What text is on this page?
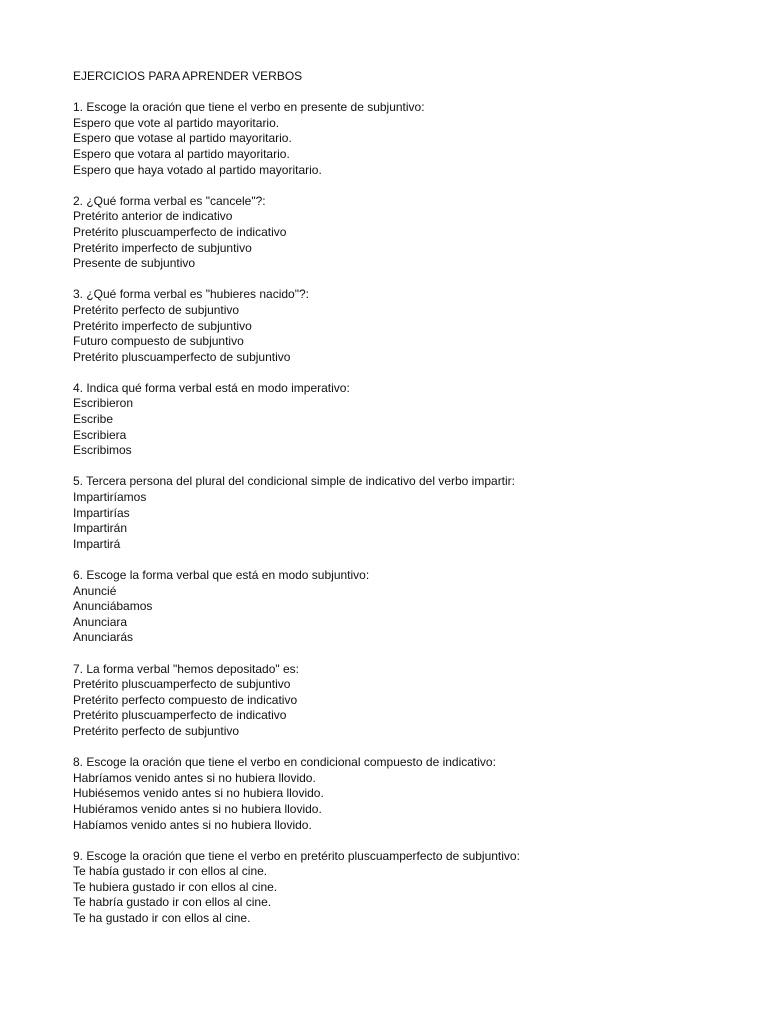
EJERCICIOS PARA APRENDER VERBOS
1. Escoge la oración que tiene el verbo en presente de subjuntivo:
Espero que vote al partido mayoritario.
Espero que votase al partido mayoritario.
Espero que votara al partido mayoritario.
Espero que haya votado al partido mayoritario.
2. ¿Qué forma verbal es "cancele"?:
Pretérito anterior de indicativo
Pretérito pluscuamperfecto de indicativo
Pretérito imperfecto de subjuntivo
Presente de subjuntivo
3. ¿Qué forma verbal es "hubieres nacido"?:
Pretérito perfecto de subjuntivo
Pretérito imperfecto de subjuntivo
Futuro compuesto de subjuntivo
Pretérito pluscuamperfecto de subjuntivo
4. Indica qué forma verbal está en modo imperativo:
Escribieron
Escribe
Escribiera
Escribimos
5. Tercera persona del plural del condicional simple de indicativo del verbo impartir:
Impartiríamos
Impartirías
Impartirán
Impartirá
6. Escoge la forma verbal que está en modo subjuntivo:
Anuncié
Anunciábamos
Anunciara
Anunciarás
7. La forma verbal "hemos depositado" es:
Pretérito pluscuamperfecto de subjuntivo
Pretérito perfecto compuesto de indicativo
Pretérito pluscuamperfecto de indicativo
Pretérito perfecto de subjuntivo
8. Escoge la oración que tiene el verbo en condicional compuesto de indicativo:
Habríamos venido antes si no hubiera llovido.
Hubiésemos venido antes si no hubiera llovido.
Hubiéramos venido antes si no hubiera llovido.
Habíamos venido antes si no hubiera llovido.
9. Escoge la oración que tiene el verbo en pretérito pluscuamperfecto de subjuntivo:
Te había gustado ir con ellos al cine.
Te hubiera gustado ir con ellos al cine.
Te habría gustado ir con ellos al cine.
Te ha gustado ir con ellos al cine.
